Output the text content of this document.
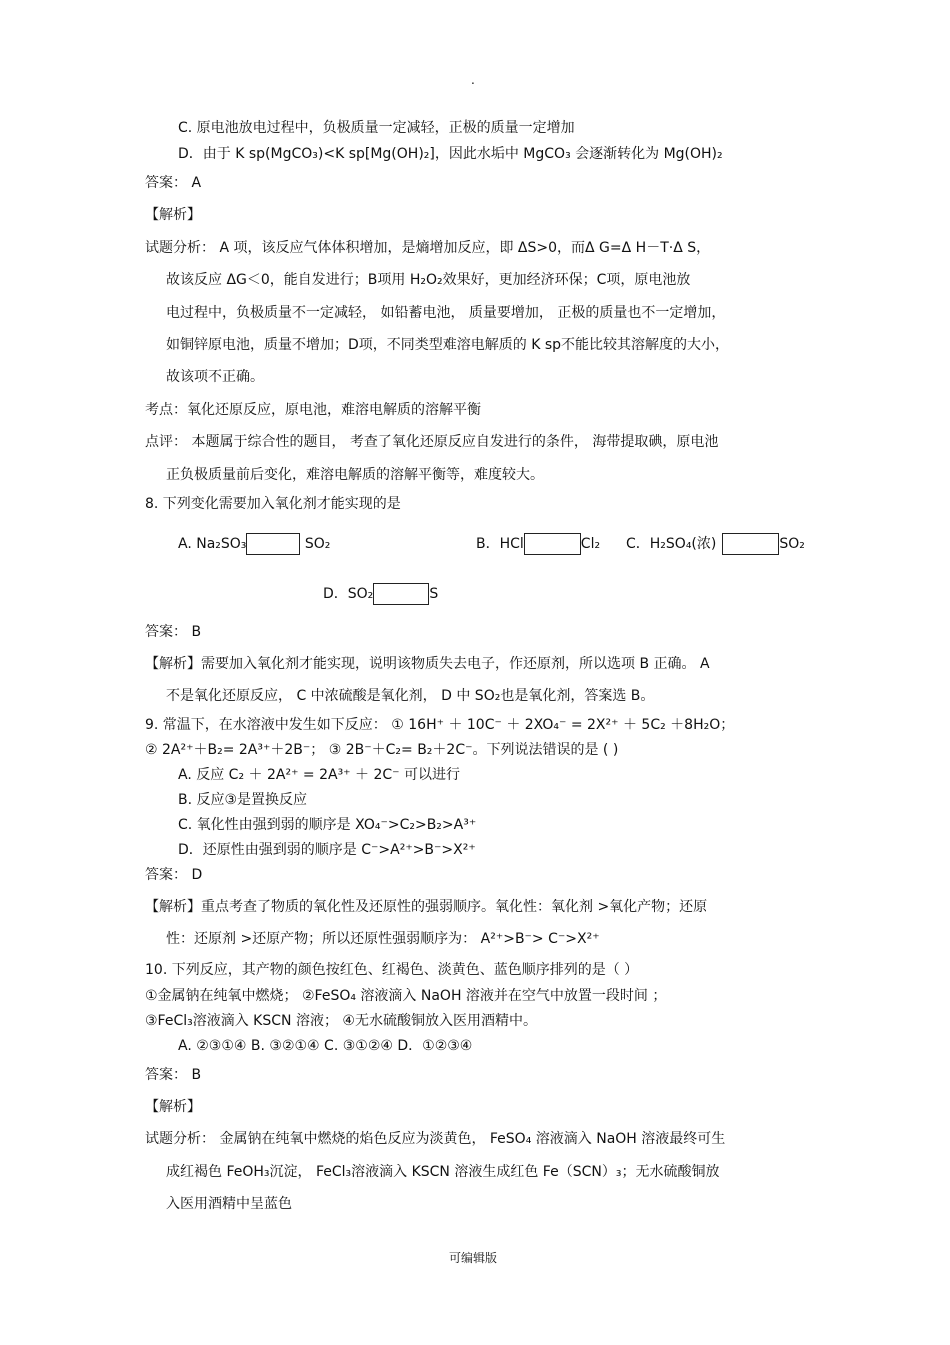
.
C. 原电池放电过程中，负极质量一定减轻，正极的质量一定增加
D．由于 K sp(MgCO₃)<K sp[Mg(OH)₂]，因此水垢中 MgCO₃ 会逐渐转化为 Mg(OH)₂
答案： A
【解析】
试题分析： A 项，该反应气体体积增加，是熵增加反应，即 ΔS>0，而Δ G=Δ H－T·Δ S，
故该反应 ΔG＜0，能自发进行；B项用 H₂O₂效果好，更加经济环保；C项，原电池放
电过程中，负极质量不一定减轻， 如铅蓄电池， 质量要增加， 正极的质量也不一定增加，
如铜锌原电池，质量不增加；D项，不同类型难溶电解质的 K sp不能比较其溶解度的大小，
故该项不正确。
考点：氧化还原反应，原电池，难溶电解质的溶解平衡
点评： 本题属于综合性的题目， 考查了氧化还原反应自发进行的条件， 海带提取碘，原电池
正负极质量前后变化，难溶电解质的溶解平衡等，难度较大。
8. 下列变化需要加入氧化剂才能实现的是
A. Na₂SO₃	SO₂	B．HCl	Cl₂ C．H₂SO₄(浓)	SO₂
D．SO₂	S
答案： B
【解析】需要加入氧化剂才能实现，说明该物质失去电子，作还原剂，所以选项 B 正确。 A
不是氧化还原反应， C 中浓硫酸是氧化剂， D 中 SO₂也是氧化剂，答案选 B。
9. 常温下，在水溶液中发生如下反应： ① 16H⁺ ＋ 10C⁻ ＋ 2XO₄⁻ = 2X²⁺ ＋ 5C₂ ＋8H₂O；
② 2A²⁺＋B₂= 2A³⁺＋2B⁻； ③ 2B⁻＋C₂= B₂＋2C⁻。下列说法错误的是 ( )
A. 反应 C₂ ＋ 2A²⁺ = 2A³⁺ ＋ 2C⁻ 可以进行
B. 反应③是置换反应
C. 氧化性由强到弱的顺序是 XO₄⁻>C₂>B₂>A³⁺
D．还原性由强到弱的顺序是 C⁻>A²⁺>B⁻>X²⁺
答案： D
【解析】重点考查了物质的氧化性及还原性的强弱顺序。氧化性：氧化剂 >氧化产物；还原
性：还原剂 >还原产物；所以还原性强弱顺序为： A²⁺>B⁻> C⁻>X²⁺
10. 下列反应，其产物的颜色按红色、红褐色、淡黄色、蓝色顺序排列的是（ ）
①金属钠在纯氧中燃烧； ②FeSO₄ 溶液滴入 NaOH 溶液并在空气中放置一段时间 ；
③FeCl₃溶液滴入 KSCN 溶液； ④无水硫酸铜放入医用酒精中。
A. ②③①④ B. ③②①④ C. ③①②④ D．①②③④
答案： B
【解析】
试题分析： 金属钠在纯氧中燃烧的焰色反应为淡黄色， FeSO₄ 溶液滴入 NaOH 溶液最终可生
成红褐色 FeOH₃沉淀， FeCl₃溶液滴入 KSCN 溶液生成红色 Fe（SCN）₃；无水硫酸铜放
入医用酒精中呈蓝色
可编辑版
